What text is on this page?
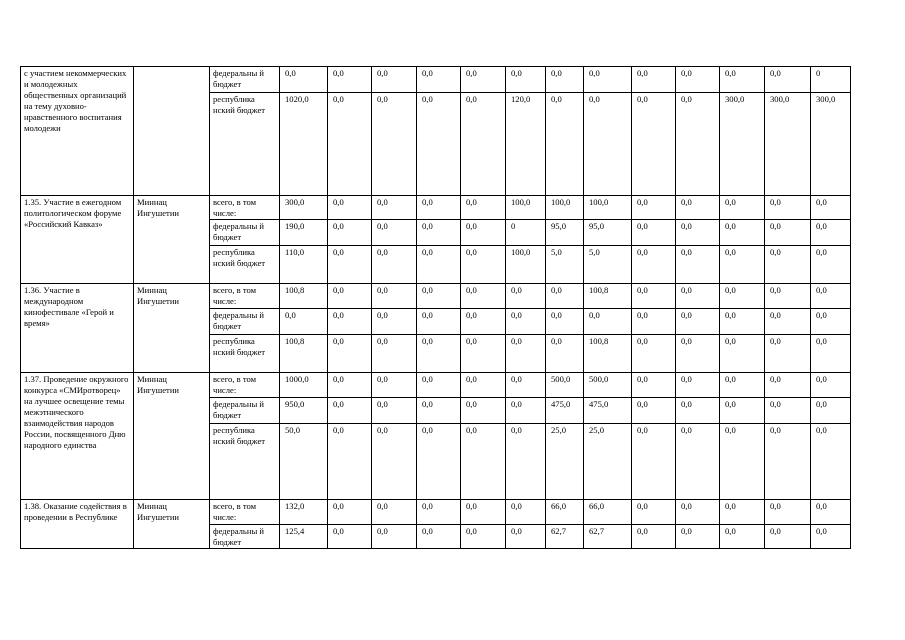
с участием некоммерческих и молодежных общественных организаций на тему духовно-нравственного воспитания молодежи		федеральны й бюджет	0,0	0,0	0,0	0,0	0,0	0,0	0,0	0,0	0,0	0,0	0,0	0,0	0
		республика нский бюджет	1020,0	0,0	0,0	0,0	0,0	120,0	0,0	0,0	0,0	0,0	300,0	300,0	300,0
1.35. Участие в ежегодном политологическом форуме «Российский Кавказ»	Миннац Ингушетии	всего, в том числе:	300,0	0,0	0,0	0,0	0,0	100,0	100,0	100,0	0,0	0,0	0,0	0,0	0,0
		федеральны й бюджет	190,0	0,0	0,0	0,0	0,0	0	95,0	95,0	0,0	0,0	0,0	0,0	0,0
		республика нский бюджет	110,0	0,0	0,0	0,0	0,0	100,0	5,0	5,0	0,0	0,0	0,0	0,0	0,0
1.36. Участие в международном кинофестивале «Герой и время»	Миннац Ингушетии	всего, в том числе:	100,8	0,0	0,0	0,0	0,0	0,0	0,0	100,8	0,0	0,0	0,0	0,0	0,0
		федеральны й бюджет	0,0	0,0	0,0	0,0	0,0	0,0	0,0	0,0	0,0	0,0	0,0	0,0	0,0
		республика нский бюджет	100,8	0,0	0,0	0,0	0,0	0,0	0,0	100,8	0,0	0,0	0,0	0,0	0,0
1.37. Проведение окружного конкурса «СМИротворец» на лучшее освещение темы межэтнического взаимодействия народов России, посвященного Дню народного единства	Миннац Ингушетии	всего, в том числе:	1000,0	0,0	0,0	0,0	0,0	0,0	500,0	500,0	0,0	0,0	0,0	0,0	0,0
		федеральны й бюджет	950,0	0,0	0,0	0,0	0,0	0,0	475,0	475,0	0,0	0,0	0,0	0,0	0,0
		республика нский бюджет	50,0	0,0	0,0	0,0	0,0	0,0	25,0	25,0	0,0	0,0	0,0	0,0	0,0
1.38. Оказание содействия в проведении в Республике	Миннац Ингушетии	всего, в том числе:	132,0	0,0	0,0	0,0	0,0	0,0	66,0	66,0	0,0	0,0	0,0	0,0	0,0
		федеральны й бюджет	125,4	0,0	0,0	0,0	0,0	0,0	62,7	62,7	0,0	0,0	0,0	0,0	0,0
